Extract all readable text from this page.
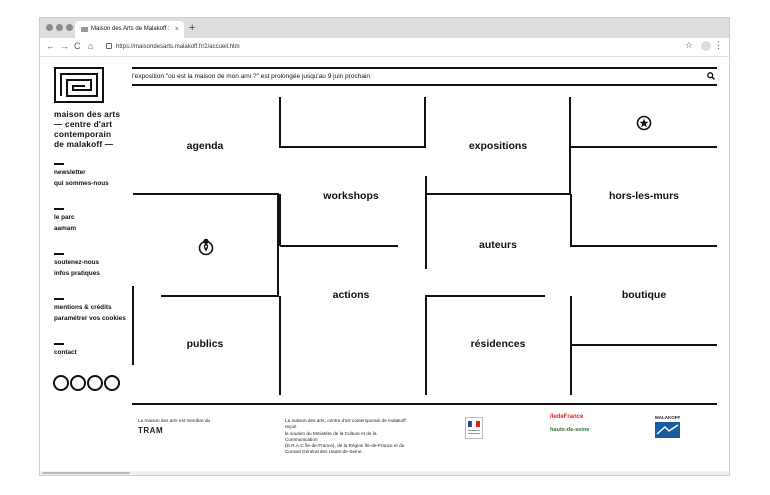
Maison des Arts de Malakoff : × +
← → C ⌂	https://maisondesarts.malakoff.fr/2/accueil.htm	☆ ⋮
maison des arts
— centre d'art
contemporain
de malakoff —
newsletter
qui sommes-nous
le parc
aamam
soutenez-nous
infos pratiques
mentions & crédits
paramétrer vos cookies
contact
l'exposition "où est la maison de mon ami ?" est prolongée jusqu'au 9 juin prochain
agenda	expositions
workshops	hors-les-murs
auteurs
actions	boutique
publics	résidences
La maison des arts est membre du
TRAM
La maison des arts, centre d'art contemporain de malakoff
reçoit
le soutien du Ministère de la Culture et de la
Communication
(D.R.A.C Île-de-France), de la Région Île-de-France et du
Conseil Général des Hauts-de-Seine.
îledeFrance
hauts-de-seine
MALAKOFF
